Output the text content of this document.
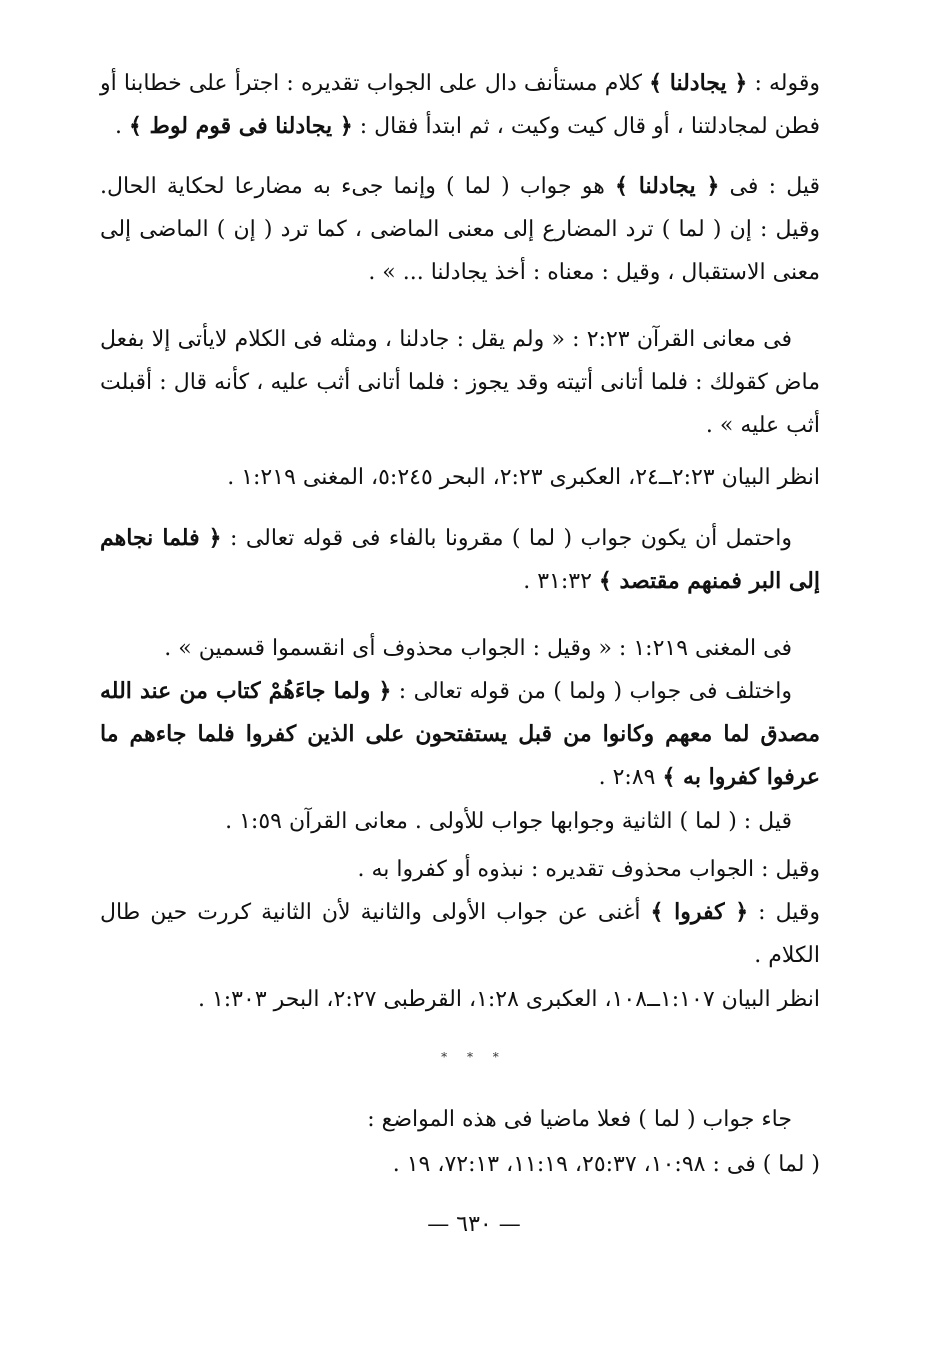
وقوله : ﴿ يجادلنا ﴾ كلام مستأنف دال على الجواب تقديره : اجترأ على خطابنا أو فطن لمجادلتنا ، أو قال كيت وكيت ، ثم ابتدأ فقال : ﴿ يجادلنا فى قوم لوط ﴾ .
قيل : فى ﴿ يجادلنا ﴾ هو جواب ( لما ) وإنما جىء به مضارعا لحكاية الحال. وقيل : إن ( لما ) ترد المضارع إلى معنى الماضى ، كما ترد ( إن ) الماضى إلى معنى الاستقبال ، وقيل : معناه : أخذ يجادلنا ... » .
فى معانى القرآن ٢:٢٣ : « ولم يقل : جادلنا ، ومثله فى الكلام لايأتى إلا بفعل ماض كقولك : فلما أتانى أتيته وقد يجوز : فلما أتانى أثب عليه ، كأنه قال : أقبلت أثب عليه » .
انظر البيان ٢:٢٣ــ٢٤، العكبرى ٢:٢٣، البحر ٥:٢٤٥، المغنى ١:٢١٩ .
واحتمل أن يكون جواب ( لما ) مقرونا بالفاء فى قوله تعالى : ﴿ فلما نجاهم إلى البر فمنهم مقتصد ﴾ ٣١:٣٢ .
فى المغنى ١:٢١٩ : « وقيل : الجواب محذوف أى انقسموا قسمين » .
واختلف فى جواب ( ولما ) من قوله تعالى : ﴿ ولما جاءَهُمْ كتاب من عند الله مصدق لما معهم وكانوا من قبل يستفتحون على الذين كفروا فلما جاءهم ما عرفوا كفروا به ﴾ ٢:٨٩ .
قيل : ( لما ) الثانية وجوابها جواب للأولى . معانى القرآن ١:٥٩ .
وقيل : الجواب محذوف تقديره : نبذوه أو كفروا به .
وقيل : ﴿ كفروا ﴾ أغنى عن جواب الأولى والثانية لأن الثانية كررت حين طال الكلام .
انظر البيان ١:١٠٧ــ١٠٨، العكبرى ١:٢٨، القرطبى ٢:٢٧، البحر ١:٣٠٣ .
* * *
جاء جواب ( لما ) فعلا ماضيا فى هذه المواضع :
( لما ) فى : ١٠:٩٨، ٢٥:٣٧، ١١:١٩، ٧٢:١٣، ١٩ .
— ٦٣٠ —
